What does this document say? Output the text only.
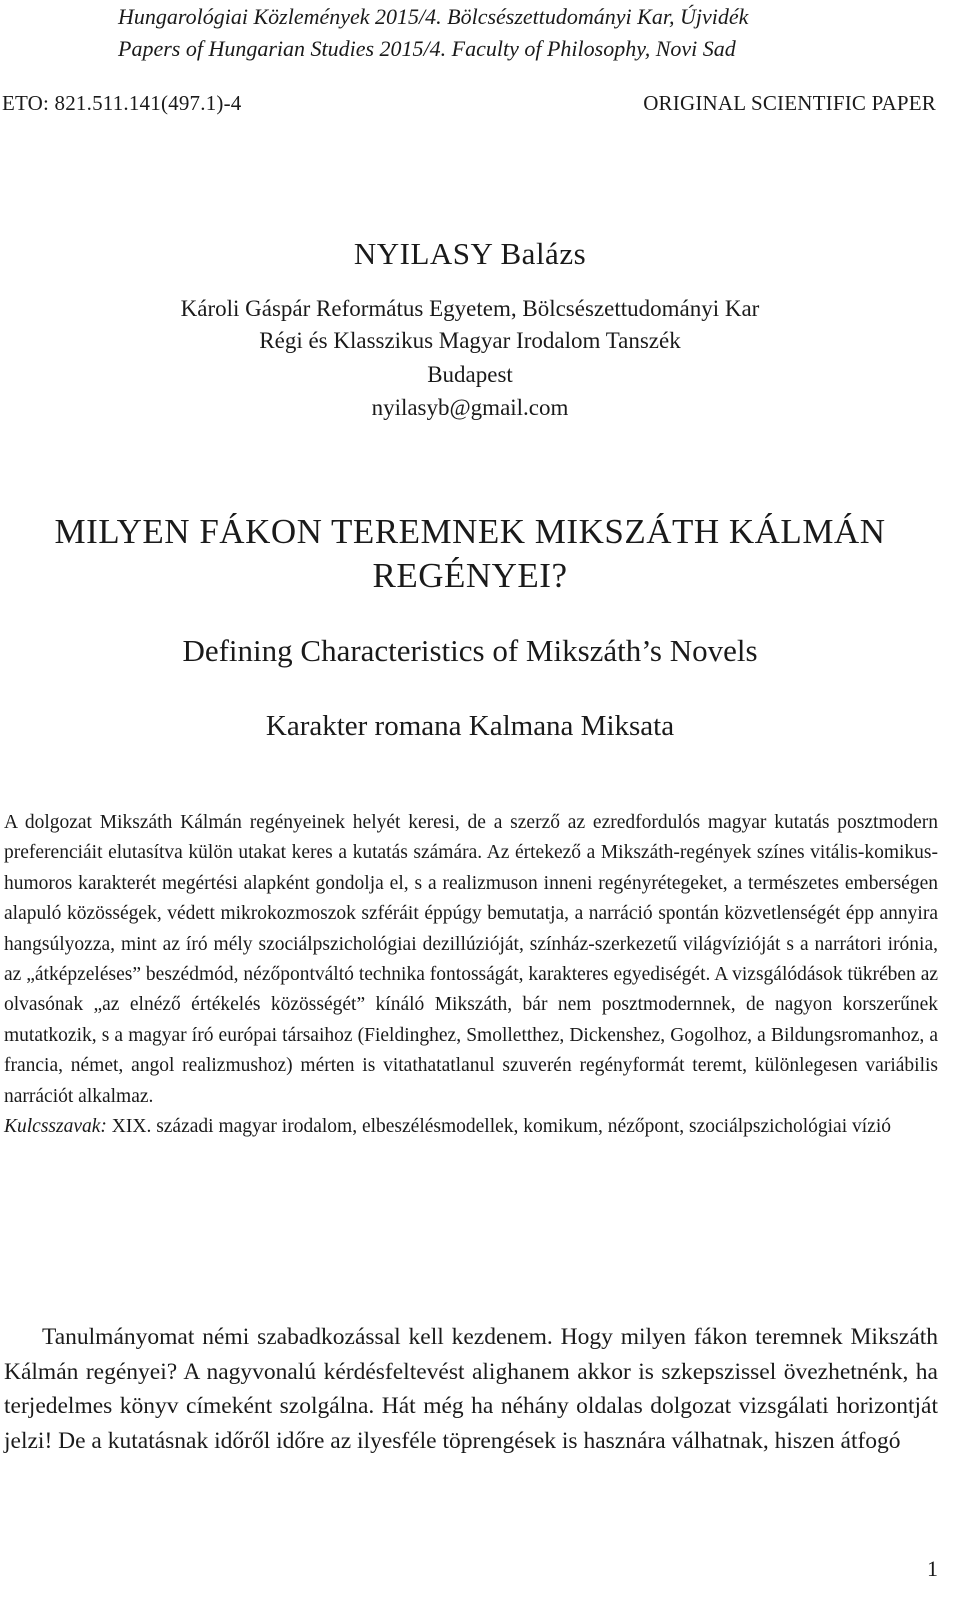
Hungarológiai Közlemények 2015/4. Bölcsészettudományi Kar, Újvidék
Papers of Hungarian Studies 2015/4. Faculty of Philosophy, Novi Sad
ETO: 821.511.141(497.1)-4	ORIGINAL SCIENTIFIC PAPER
NYILASY Balázs
Károli Gáspár Református Egyetem, Bölcsészettudományi Kar
Régi és Klasszikus Magyar Irodalom Tanszék
Budapest
nyilasyb@gmail.com
MILYEN FÁKON TEREMNEK MIKSZÁTH KÁLMÁN
REGÉNYEI?
Defining Characteristics of Mikszáth’s Novels
Karakter romana Kalmana Miksata

A dolgozat Mikszáth Kálmán regényeinek helyét keresi, de a szerző az ezredfordulós magyar kutatás posztmodern preferenciáit elutasítva külön utakat keres a kutatás számára. Az értekező a Mikszáth-regények színes vitális-komikus-humoros karakterét megértési alapként gondolja el, s a realizmuson inneni regényrétegeket, a természetes emberségen alapuló közösségek, védett mikrokozmoszok szféráit éppúgy bemutatja, a narráció spontán közvetlenségét épp annyira hangsúlyozza, mint az író mély szociálpszichológiai dezillúzióját, színház-szerkezetű világvízióját s a narrátori irónia, az „átképzeléses” beszédmód, nézőpontváltó technika fontosságát, karakteres egyediségét. A vizsgálódások tükrében az olvasónak „az elnéző értékelés közösségét” kínáló Mikszáth, bár nem posztmodernnek, de nagyon korszerűnek mutatkozik, s a magyar író európai társaihoz (Fieldinghez, Smolletthez, Dickenshez, Gogolhoz, a Bildungsromanhoz, a francia, német, angol realizmushoz) mérten is vitathatatlanul szuverén regényformát teremt, különlegesen variábilis narrációt alkalmaz.

Kulcsszavak: XIX. századi magyar irodalom, elbeszélésmodellek, komikum, nézőpont, szociálpszichológiai vízió

Tanulmányomat némi szabadkozással kell kezdenem. Hogy milyen fákon teremnek Mikszáth Kálmán regényei? A nagyvonalú kérdésfeltevést alighanem akkor is szkepszissel övezhetnénk, ha terjedelmes könyv címeként szolgálna. Hát még ha néhány oldalas dolgozat vizsgálati horizontját jelzi! De a kutatásnak időről időre az ilyesféle töprengések is hasznára válhatnak, hiszen átfogó

1
